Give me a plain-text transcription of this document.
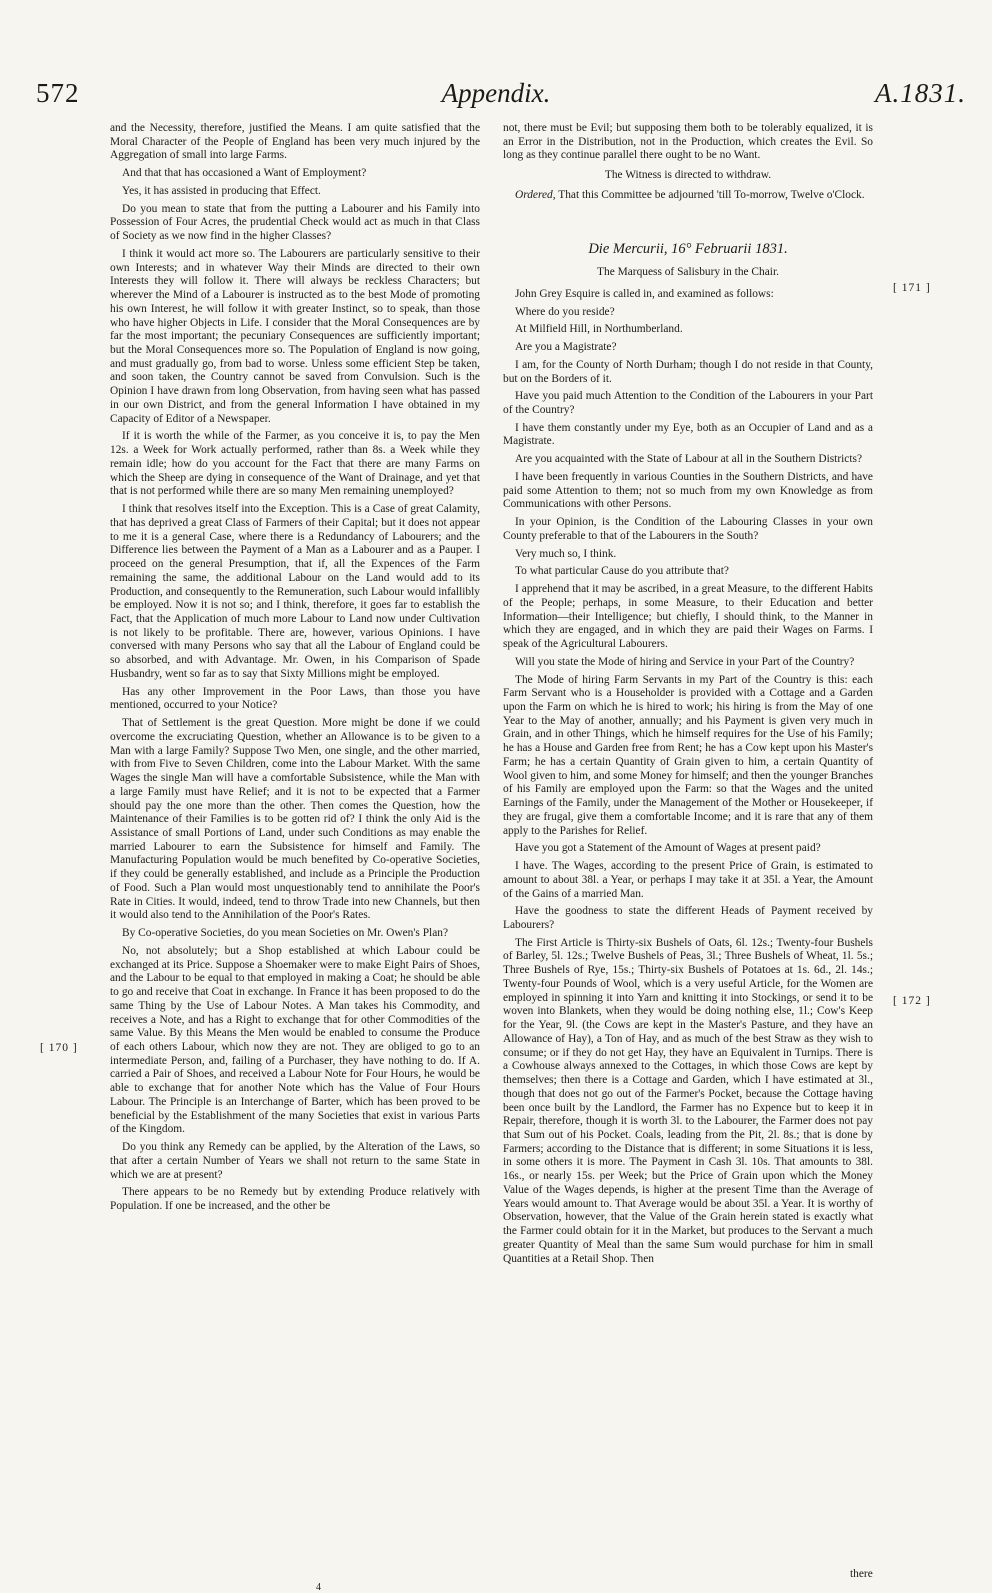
572	Appendix.	A.1831.
[ 170 ]
[ 171 ]
[ 172 ]

and the Necessity, therefore, justified the Means. I am quite satisfied that the Moral Character of the People of England has been very much injured by the Aggregation of small into large Farms.

And that that has occasioned a Want of Employment?

Yes, it has assisted in producing that Effect.

Do you mean to state that from the putting a Labourer and his Family into Possession of Four Acres, the prudential Check would act as much in that Class of Society as we now find in the higher Classes?

I think it would act more so. The Labourers are particularly sensitive to their own Interests; and in whatever Way their Minds are directed to their own Interests they will follow it. There will always be reckless Characters; but wherever the Mind of a Labourer is instructed as to the best Mode of promoting his own Interest, he will follow it with greater Instinct, so to speak, than those who have higher Objects in Life. I consider that the Moral Consequences are by far the most important; the pecuniary Consequences are sufficiently important; but the Moral Consequences more so. The Population of England is now going, and must gradually go, from bad to worse. Unless some efficient Step be taken, and soon taken, the Country cannot be saved from Convulsion. Such is the Opinion I have drawn from long Observation, from having seen what has passed in our own District, and from the general Information I have obtained in my Capacity of Editor of a Newspaper.

If it is worth the while of the Farmer, as you conceive it is, to pay the Men 12s. a Week for Work actually performed, rather than 8s. a Week while they remain idle; how do you account for the Fact that there are many Farms on which the Sheep are dying in consequence of the Want of Drainage, and yet that that is not performed while there are so many Men remaining unemployed?

I think that resolves itself into the Exception. This is a Case of great Calamity, that has deprived a great Class of Farmers of their Capital; but it does not appear to me it is a general Case, where there is a Redundancy of Labourers; and the Difference lies between the Payment of a Man as a Labourer and as a Pauper. I proceed on the general Presumption, that if, all the Expences of the Farm remaining the same, the additional Labour on the Land would add to its Production, and consequently to the Remuneration, such Labour would infallibly be employed. Now it is not so; and I think, therefore, it goes far to establish the Fact, that the Application of much more Labour to Land now under Cultivation is not likely to be profitable. There are, however, various Opinions. I have conversed with many Persons who say that all the Labour of England could be so absorbed, and with Advantage. Mr. Owen, in his Comparison of Spade Husbandry, went so far as to say that Sixty Millions might be employed.

Has any other Improvement in the Poor Laws, than those you have mentioned, occurred to your Notice?

That of Settlement is the great Question. More might be done if we could overcome the excruciating Question, whether an Allowance is to be given to a Man with a large Family? Suppose Two Men, one single, and the other married, with from Five to Seven Children, come into the Labour Market. With the same Wages the single Man will have a comfortable Subsistence, while the Man with a large Family must have Relief; and it is not to be expected that a Farmer should pay the one more than the other. Then comes the Question, how the Maintenance of their Families is to be gotten rid of? I think the only Aid is the Assistance of small Portions of Land, under such Conditions as may enable the married Labourer to earn the Subsistence for himself and Family. The Manufacturing Population would be much benefited by Co-operative Societies, if they could be generally established, and include as a Principle the Production of Food. Such a Plan would most unquestionably tend to annihilate the Poor's Rate in Cities. It would, indeed, tend to throw Trade into new Channels, but then it would also tend to the Annihilation of the Poor's Rates.

By Co-operative Societies, do you mean Societies on Mr. Owen's Plan?

No, not absolutely; but a Shop established at which Labour could be exchanged at its Price. Suppose a Shoemaker were to make Eight Pairs of Shoes, and the Labour to be equal to that employed in making a Coat; he should be able to go and receive that Coat in exchange. In France it has been proposed to do the same Thing by the Use of Labour Notes. A Man takes his Commodity, and receives a Note, and has a Right to exchange that for other Commodities of the same Value. By this Means the Men would be enabled to consume the Produce of each others Labour, which now they are not. They are obliged to go to an intermediate Person, and, failing of a Purchaser, they have nothing to do. If A. carried a Pair of Shoes, and received a Labour Note for Four Hours, he would be able to exchange that for another Note which has the Value of Four Hours Labour. The Principle is an Interchange of Barter, which has been proved to be beneficial by the Establishment of the many Societies that exist in various Parts of the Kingdom.

Do you think any Remedy can be applied, by the Alteration of the Laws, so that after a certain Number of Years we shall not return to the same State in which we are at present?

There appears to be no Remedy but by extending Produce relatively with Population. If one be increased, and the other be

not, there must be Evil; but supposing them both to be tolerably equalized, it is an Error in the Distribution, not in the Production, which creates the Evil. So long as they continue parallel there ought to be no Want.

The Witness is directed to withdraw.

Ordered, That this Committee be adjourned 'till To-morrow, Twelve o'Clock.

Die Mercurii, 16° Februarii 1831.

The Marquess of Salisbury in the Chair.

John Grey Esquire is called in, and examined as follows:

Where do you reside?

At Milfield Hill, in Northumberland.

Are you a Magistrate?

I am, for the County of North Durham; though I do not reside in that County, but on the Borders of it.

Have you paid much Attention to the Condition of the Labourers in your Part of the Country?

I have them constantly under my Eye, both as an Occupier of Land and as a Magistrate.

Are you acquainted with the State of Labour at all in the Southern Districts?

I have been frequently in various Counties in the Southern Districts, and have paid some Attention to them; not so much from my own Knowledge as from Communications with other Persons.

In your Opinion, is the Condition of the Labouring Classes in your own County preferable to that of the Labourers in the South?

Very much so, I think.

To what particular Cause do you attribute that?

I apprehend that it may be ascribed, in a great Measure, to the different Habits of the People; perhaps, in some Measure, to their Education and better Information—their Intelligence; but chiefly, I should think, to the Manner in which they are engaged, and in which they are paid their Wages on Farms. I speak of the Agricultural Labourers.

Will you state the Mode of hiring and Service in your Part of the Country?

The Mode of hiring Farm Servants in my Part of the Country is this: each Farm Servant who is a Householder is provided with a Cottage and a Garden upon the Farm on which he is hired to work; his hiring is from the May of one Year to the May of another, annually; and his Payment is given very much in Grain, and in other Things, which he himself requires for the Use of his Family; he has a House and Garden free from Rent; he has a Cow kept upon his Master's Farm; he has a certain Quantity of Grain given to him, a certain Quantity of Wool given to him, and some Money for himself; and then the younger Branches of his Family are employed upon the Farm: so that the Wages and the united Earnings of the Family, under the Management of the Mother or Housekeeper, if they are frugal, give them a comfortable Income; and it is rare that any of them apply to the Parishes for Relief.

Have you got a Statement of the Amount of Wages at present paid?

I have. The Wages, according to the present Price of Grain, is estimated to amount to about 38l. a Year, or perhaps I may take it at 35l. a Year, the Amount of the Gains of a married Man.

Have the goodness to state the different Heads of Payment received by Labourers?

The First Article is Thirty-six Bushels of Oats, 6l. 12s.; Twenty-four Bushels of Barley, 5l. 12s.; Twelve Bushels of Peas, 3l.; Three Bushels of Wheat, 1l. 5s.; Three Bushels of Rye, 15s.; Thirty-six Bushels of Potatoes at 1s. 6d., 2l. 14s.; Twenty-four Pounds of Wool, which is a very useful Article, for the Women are employed in spinning it into Yarn and knitting it into Stockings, or send it to be woven into Blankets, when they would be doing nothing else, 1l.; Cow's Keep for the Year, 9l. (the Cows are kept in the Master's Pasture, and they have an Allowance of Hay), a Ton of Hay, and as much of the best Straw as they wish to consume; or if they do not get Hay, they have an Equivalent in Turnips. There is a Cowhouse always annexed to the Cottages, in which those Cows are kept by themselves; then there is a Cottage and Garden, which I have estimated at 3l., though that does not go out of the Farmer's Pocket, because the Cottage having been once built by the Landlord, the Farmer has no Expence but to keep it in Repair, therefore, though it is worth 3l. to the Labourer, the Farmer does not pay that Sum out of his Pocket. Coals, leading from the Pit, 2l. 8s.; that is done by Farmers; according to the Distance that is different; in some Situations it is less, in some others it is more. The Payment in Cash 3l. 10s. That amounts to 38l. 16s., or nearly 15s. per Week; but the Price of Grain upon which the Money Value of the Wages depends, is higher at the present Time than the Average of Years would amount to. That Average would be about 35l. a Year. It is worthy of Observation, however, that the Value of the Grain herein stated is exactly what the Farmer could obtain for it in the Market, but produces to the Servant a much greater Quantity of Meal than the same Sum would purchase for him in small Quantities at a Retail Shop. Then

there
4
